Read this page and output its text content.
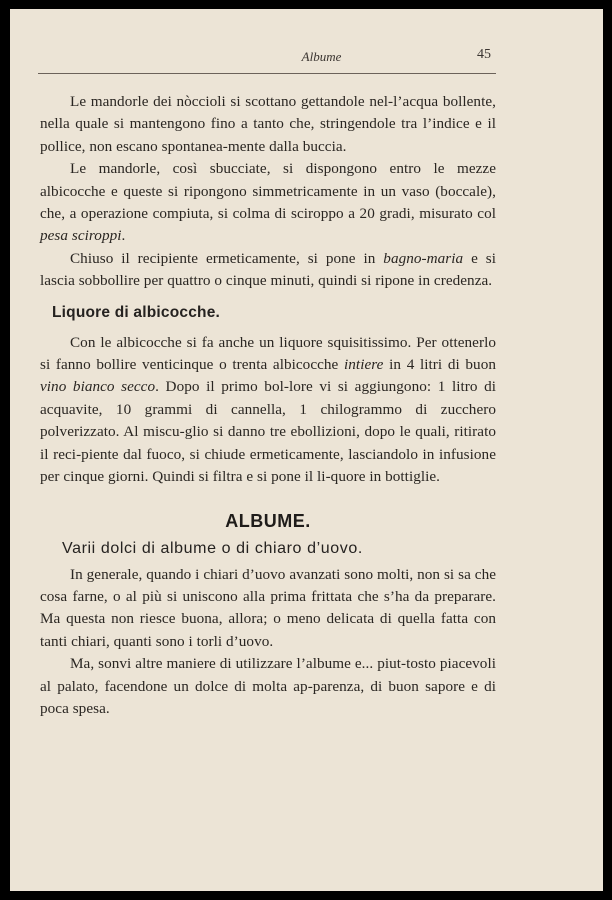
Albume	45

Le mandorle dei nòccioli si scottano gettandole nel-l’acqua bollente, nella quale si mantengono fino a tanto che, stringendole tra l’indice e il pollice, non escano spontanea-mente dalla buccia.

Le mandorle, così sbucciate, si dispongono entro le mezze albicocche e queste si ripongono simmetricamente in un vaso (boccale), che, a operazione compiuta, si colma di sciroppo a 20 gradi, misurato col pesa sciroppi.

Chiuso il recipiente ermeticamente, si pone in bagno-maria e si lascia sobbollire per quattro o cinque minuti, quindi si ripone in credenza.

Liquore di albicocche.

Con le albicocche si fa anche un liquore squisitissimo. Per ottenerlo si fanno bollire venticinque o trenta albicocche intiere in 4 litri di buon vino bianco secco. Dopo il primo bol-lore vi si aggiungono: 1 litro di acquavite, 10 grammi di cannella, 1 chilogrammo di zucchero polverizzato. Al miscu-glio si danno tre ebollizioni, dopo le quali, ritirato il reci-piente dal fuoco, si chiude ermeticamente, lasciandolo in infusione per cinque giorni. Quindi si filtra e si pone il li-quore in bottiglie.

ALBUME.
Varii dolci di albume o di chiaro d’uovo.

In generale, quando i chiari d’uovo avanzati sono molti, non si sa che cosa farne, o al più si uniscono alla prima frittata che s’ha da preparare. Ma questa non riesce buona, allora; o meno delicata di quella fatta con tanti chiari, quanti sono i torli d’uovo.

Ma, sonvi altre maniere di utilizzare l’albume e... piut-tosto piacevoli al palato, facendone un dolce di molta ap-parenza, di buon sapore e di poca spesa.
